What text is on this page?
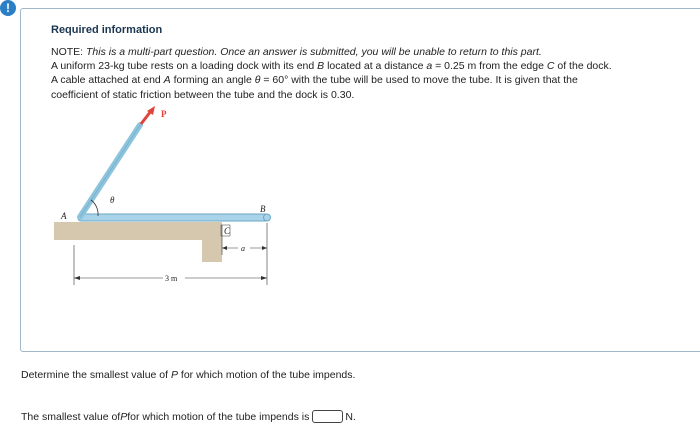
!
Required information

NOTE: This is a multi-part question. Once an answer is submitted, you will be unable to return to this part.

A uniform 23-kg tube rests on a loading dock with its end B located at a distance a = 0.25 m from the edge C of the dock.

A cable attached at end A forming an angle θ = 60° with the tube will be used to move the tube. It is given that the

coefficient of static friction between the tube and the dock is 0.30.

P
θ
A
B
C
a
3 m
Determine the smallest value of P for which motion of the tube impends.
The smallest value of P for which motion of the tube impends is	N.
